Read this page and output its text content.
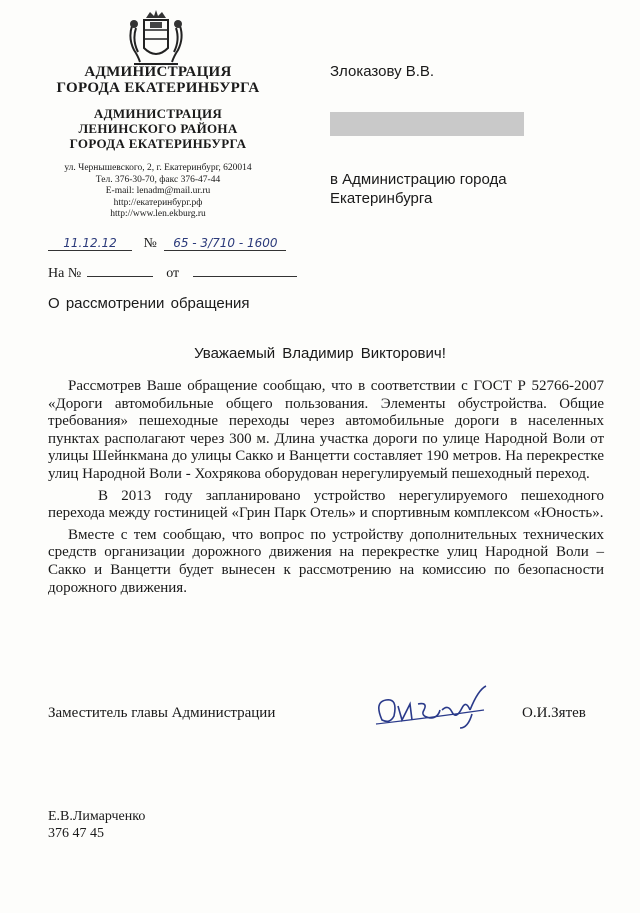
АДМИНИСТРАЦИЯ
ГОРОДА ЕКАТЕРИНБУРГА
АДМИНИСТРАЦИЯ
ЛЕНИНСКОГО РАЙОНА
ГОРОДА ЕКАТЕРИНБУРГА
ул. Чернышевского, 2, г. Екатеринбург, 620014
Тел. 376-30-70, факс 376-47-44
E-mail: lenadm@mail.ur.ru
http://екатеринбург.рф
http://www.len.ekburg.ru
Злоказову В.В.
в Администрацию города
Екатеринбурга
11.12.12 № 65 - 3/710 - 1600
На №	от
О рассмотрении обращения
Уважаемый Владимир Викторович!

Рассмотрев Ваше обращение сообщаю, что в соответствии с ГОСТ Р 52766-2007 «Дороги автомобильные общего пользования. Элементы обустройства. Общие требования» пешеходные переходы через автомобильные дороги в населенных пунктах располагают через 300 м. Длина участка дороги по улице Народной Воли от улицы Шейнкмана до улицы Сакко и Ванцетти составляет 190 метров. На перекрестке улиц Народной Воли - Хохрякова оборудован нерегулируемый пешеходный переход.

В 2013 году запланировано устройство нерегулируемого пешеходного перехода между гостиницей «Грин Парк Отель» и спортивным комплексом «Юность».

Вместе с тем сообщаю, что вопрос по устройству дополнительных технических средств организации дорожного движения на перекрестке улиц Народной Воли – Сакко и Ванцетти будет вынесен к рассмотрению на комиссию по безопасности дорожного движения.

Заместитель главы Администрации	О.И.Зятев
Е.В.Лимарченко
376 47 45
